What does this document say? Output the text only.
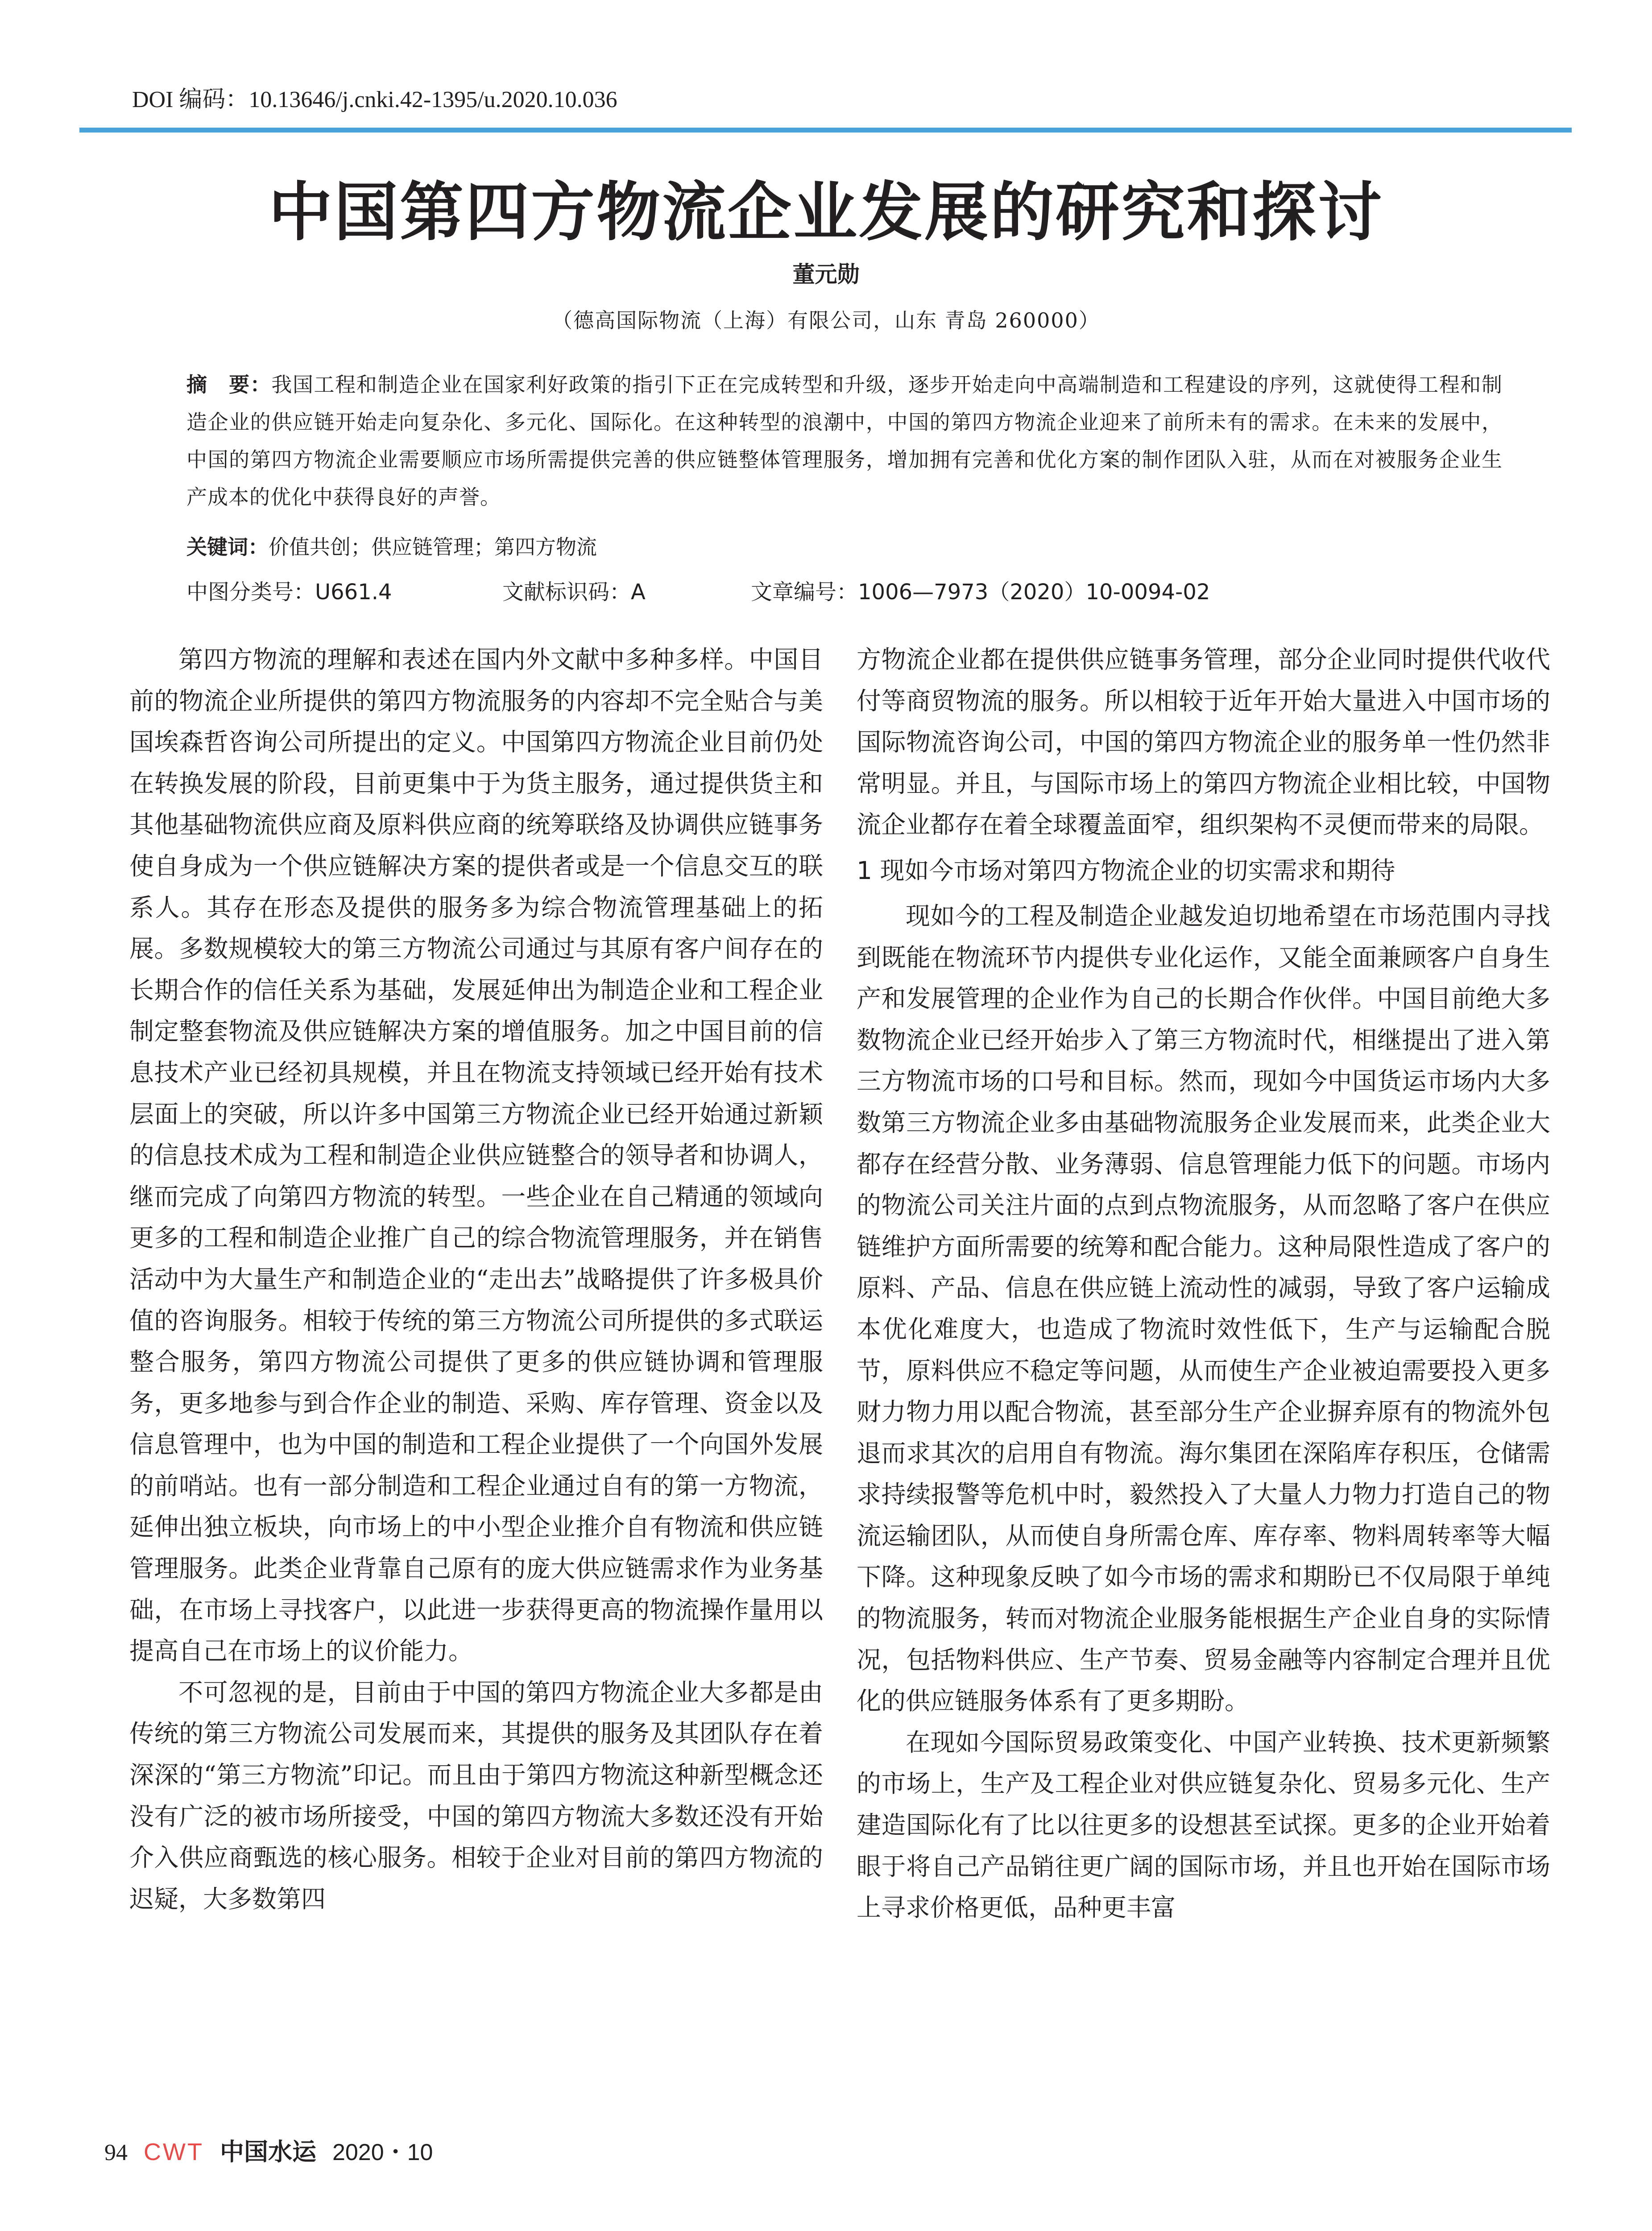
DOI 编码：10.13646/j.cnki.42-1395/u.2020.10.036
中国第四方物流企业发展的研究和探讨
董元勋
（德高国际物流（上海）有限公司，山东 青岛 260000）
摘　要：我国工程和制造企业在国家利好政策的指引下正在完成转型和升级，逐步开始走向中高端制造和工程建设的序列，这就使得工程和制造企业的供应链开始走向复杂化、多元化、国际化。在这种转型的浪潮中，中国的第四方物流企业迎来了前所未有的需求。在未来的发展中，中国的第四方物流企业需要顺应市场所需提供完善的供应链整体管理服务，增加拥有完善和优化方案的制作团队入驻，从而在对被服务企业生产成本的优化中获得良好的声誉。
关键词：价值共创；供应链管理；第四方物流
中图分类号：U661.4	文献标识码：A	文章编号：1006—7973（2020）10-0094-02

第四方物流的理解和表述在国内外文献中多种多样。中国目前的物流企业所提供的第四方物流服务的内容却不完全贴合与美国埃森哲咨询公司所提出的定义。中国第四方物流企业目前仍处在转换发展的阶段，目前更集中于为货主服务，通过提供货主和其他基础物流供应商及原料供应商的统筹联络及协调供应链事务使自身成为一个供应链解决方案的提供者或是一个信息交互的联系人。其存在形态及提供的服务多为综合物流管理基础上的拓展。多数规模较大的第三方物流公司通过与其原有客户间存在的长期合作的信任关系为基础，发展延伸出为制造企业和工程企业制定整套物流及供应链解决方案的增值服务。加之中国目前的信息技术产业已经初具规模，并且在物流支持领域已经开始有技术层面上的突破，所以许多中国第三方物流企业已经开始通过新颖的信息技术成为工程和制造企业供应链整合的领导者和协调人，继而完成了向第四方物流的转型。一些企业在自己精通的领域向更多的工程和制造企业推广自己的综合物流管理服务，并在销售活动中为大量生产和制造企业的“走出去”战略提供了许多极具价值的咨询服务。相较于传统的第三方物流公司所提供的多式联运整合服务，第四方物流公司提供了更多的供应链协调和管理服务，更多地参与到合作企业的制造、采购、库存管理、资金以及信息管理中，也为中国的制造和工程企业提供了一个向国外发展的前哨站。也有一部分制造和工程企业通过自有的第一方物流，延伸出独立板块，向市场上的中小型企业推介自有物流和供应链管理服务。此类企业背靠自己原有的庞大供应链需求作为业务基础，在市场上寻找客户，以此进一步获得更高的物流操作量用以提高自己在市场上的议价能力。

不可忽视的是，目前由于中国的第四方物流企业大多都是由传统的第三方物流公司发展而来，其提供的服务及其团队存在着深深的“第三方物流”印记。而且由于第四方物流这种新型概念还没有广泛的被市场所接受，中国的第四方物流大多数还没有开始介入供应商甄选的核心服务。相较于企业对目前的第四方物流的迟疑，大多数第四

方物流企业都在提供供应链事务管理，部分企业同时提供代收代付等商贸物流的服务。所以相较于近年开始大量进入中国市场的国际物流咨询公司，中国的第四方物流企业的服务单一性仍然非常明显。并且，与国际市场上的第四方物流企业相比较，中国物流企业都存在着全球覆盖面窄，组织架构不灵便而带来的局限。

1 现如今市场对第四方物流企业的切实需求和期待

现如今的工程及制造企业越发迫切地希望在市场范围内寻找到既能在物流环节内提供专业化运作，又能全面兼顾客户自身生产和发展管理的企业作为自己的长期合作伙伴。中国目前绝大多数物流企业已经开始步入了第三方物流时代，相继提出了进入第三方物流市场的口号和目标。然而，现如今中国货运市场内大多数第三方物流企业多由基础物流服务企业发展而来，此类企业大都存在经营分散、业务薄弱、信息管理能力低下的问题。市场内的物流公司关注片面的点到点物流服务，从而忽略了客户在供应链维护方面所需要的统筹和配合能力。这种局限性造成了客户的原料、产品、信息在供应链上流动性的减弱，导致了客户运输成本优化难度大，也造成了物流时效性低下，生产与运输配合脱节，原料供应不稳定等问题，从而使生产企业被迫需要投入更多财力物力用以配合物流，甚至部分生产企业摒弃原有的物流外包退而求其次的启用自有物流。海尔集团在深陷库存积压，仓储需求持续报警等危机中时，毅然投入了大量人力物力打造自己的物流运输团队，从而使自身所需仓库、库存率、物料周转率等大幅下降。这种现象反映了如今市场的需求和期盼已不仅局限于单纯的物流服务，转而对物流企业服务能根据生产企业自身的实际情况，包括物料供应、生产节奏、贸易金融等内容制定合理并且优化的供应链服务体系有了更多期盼。

在现如今国际贸易政策变化、中国产业转换、技术更新频繁的市场上，生产及工程企业对供应链复杂化、贸易多元化、生产建造国际化有了比以往更多的设想甚至试探。更多的企业开始着眼于将自己产品销往更广阔的国际市场，并且也开始在国际市场上寻求价格更低，品种更丰富

94 CWT 中国水运 2020・10
